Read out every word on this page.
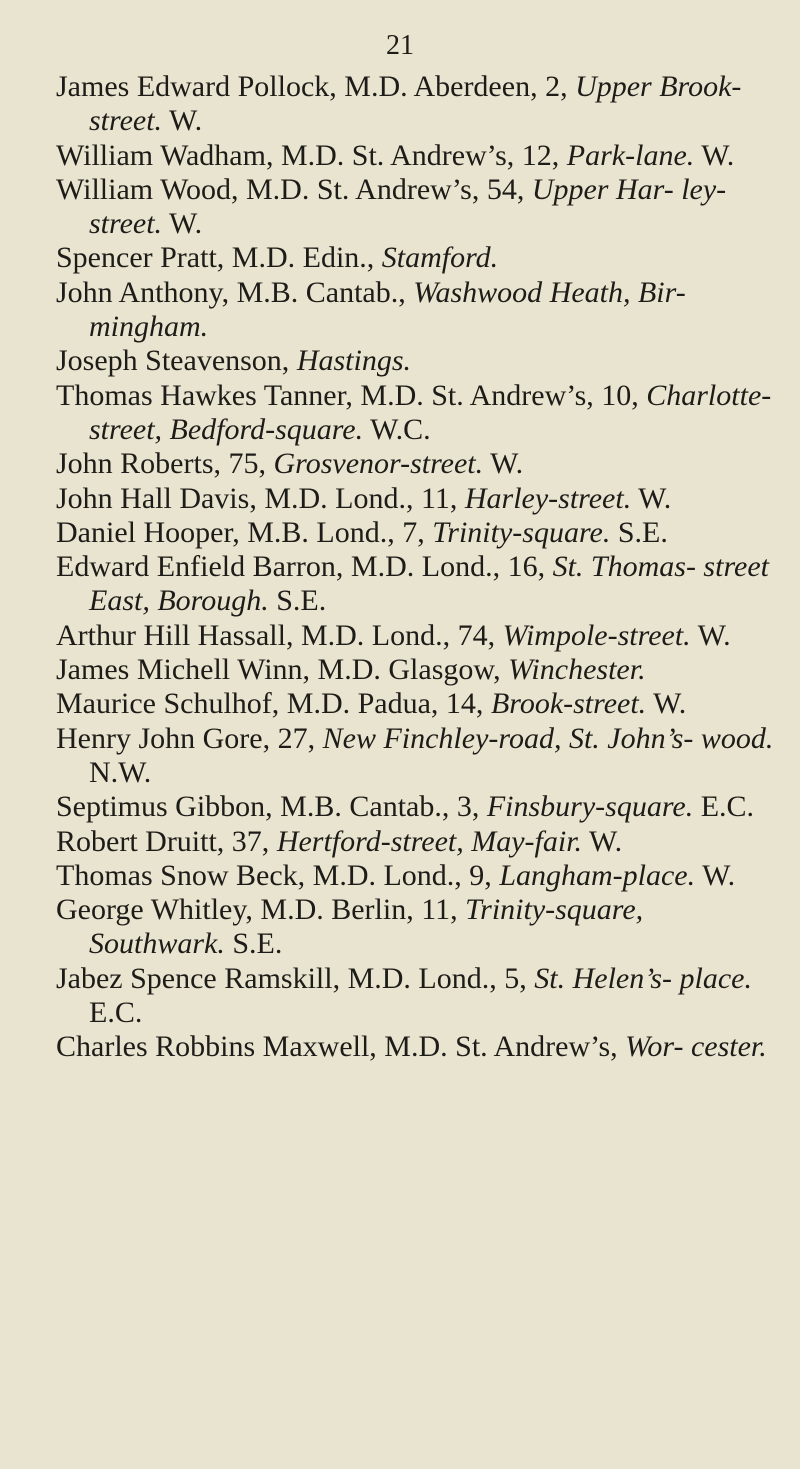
21
James Edward Pollock, M.D. Aberdeen, 2, Upper Brook-street. W.
William Wadham, M.D. St. Andrew’s, 12, Park-lane. W.
William Wood, M.D. St. Andrew’s, 54, Upper Har- ley-street. W.
Spencer Pratt, M.D. Edin., Stamford.
John Anthony, M.B. Cantab., Washwood Heath, Bir- mingham.
Joseph Steavenson, Hastings.
Thomas Hawkes Tanner, M.D. St. Andrew’s, 10, Charlotte-street, Bedford-square. W.C.
John Roberts, 75, Grosvenor-street. W.
John Hall Davis, M.D. Lond., 11, Harley-street. W.
Daniel Hooper, M.B. Lond., 7, Trinity-square. S.E.
Edward Enfield Barron, M.D. Lond., 16, St. Thomas- street East, Borough. S.E.
Arthur Hill Hassall, M.D. Lond., 74, Wimpole-street. W.
James Michell Winn, M.D. Glasgow, Winchester.
Maurice Schulhof, M.D. Padua, 14, Brook-street. W.
Henry John Gore, 27, New Finchley-road, St. John’s- wood. N.W.
Septimus Gibbon, M.B. Cantab., 3, Finsbury-square. E.C.
Robert Druitt, 37, Hertford-street, May-fair. W.
Thomas Snow Beck, M.D. Lond., 9, Langham-place. W.
George Whitley, M.D. Berlin, 11, Trinity-square, Southwark. S.E.
Jabez Spence Ramskill, M.D. Lond., 5, St. Helen’s- place. E.C.
Charles Robbins Maxwell, M.D. St. Andrew’s, Wor- cester.
